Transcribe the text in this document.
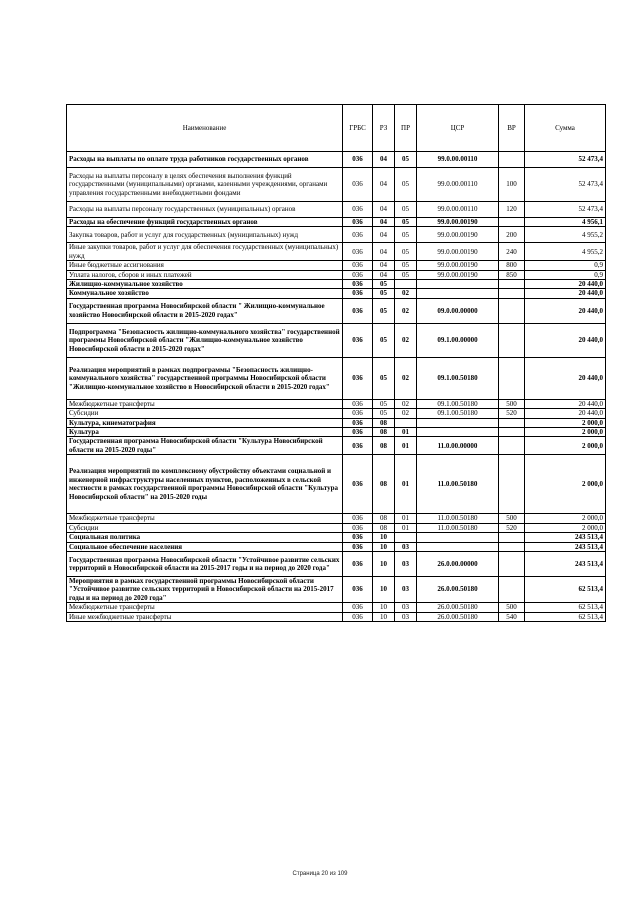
Наименование	ГРБС	РЗ	ПР	ЦСР	ВР	Сумма
Расходы на выплаты по оплате труда работников государственных органов	036	04	05	99.0.00.00110		52 473,4
Расходы на выплаты персоналу в целях обеспечения выполнения функций государственными (муниципальными) органами, казенными учреждениями, органами управления государственными внебюджетными фондами	036	04	05	99.0.00.00110	100	52 473,4
Расходы на выплаты персоналу государственных (муниципальных) органов	036	04	05	99.0.00.00110	120	52 473,4
Расходы на обеспечение функций государственных органов	036	04	05	99.0.00.00190		4 956,1
Закупка товаров, работ и услуг для государственных (муниципальных) нужд	036	04	05	99.0.00.00190	200	4 955,2
Иные закупки товаров, работ и услуг для обеспечения государственных (муниципальных) нужд	036	04	05	99.0.00.00190	240	4 955,2
Иные бюджетные ассигнования	036	04	05	99.0.00.00190	800	0,9
Уплата налогов, сборов и иных платежей	036	04	05	99.0.00.00190	850	0,9
Жилищно-коммунальное хозяйство	036	05				20 440,0
Коммунальное хозяйство	036	05	02			20 440,0
Государственная программа Новосибирской области " Жилищно-коммунальное хозяйство Новосибирской области в 2015-2020 годах"	036	05	02	09.0.00.00000		20 440,0
Подпрограмма "Безопасность жилищно-коммунального хозяйства" государственной программы Новосибирской области "Жилищно-коммунальное хозяйство Новосибирской области в 2015-2020 годах"	036	05	02	09.1.00.00000		20 440,0
Реализация мероприятий в рамках подпрограммы "Безопасность жилищно-коммунального хозяйства" государственной программы Новосибирской области "Жилищно-коммунальное хозяйство в Новосибирской области в 2015-2020 годах"	036	05	02	09.1.00.50180		20 440,0
Межбюджетные трансферты	036	05	02	09.1.00.50180	500	20 440,0
Субсидии	036	05	02	09.1.00.50180	520	20 440,0
Культура, кинематография	036	08				2 000,0
Культура	036	08	01			2 000,0
Государственная программа Новосибирской области "Культура Новосибирской области на 2015-2020 годы"	036	08	01	11.0.00.00000		2 000,0
Реализация мероприятий по комплексному обустройству объектами социальной и инженерной инфраструктуры населенных пунктов, расположенных в сельской местности в рамках государственной программы Новосибирской области "Культура Новосибирской области" на 2015-2020 годы	036	08	01	11.0.00.50180		2 000,0
Межбюджетные трансферты	036	08	01	11.0.00.50180	500	2 000,0
Субсидии	036	08	01	11.0.00.50180	520	2 000,0
Социальная политика	036	10				243 513,4
Социальное обеспечение населения	036	10	03			243 513,4
Государственная программа Новосибирской области "Устойчивое развитие сельских территорий в Новосибирской области на 2015-2017 годы и на период до 2020 года"	036	10	03	26.0.00.00000		243 513,4
Мероприятия в рамках государственной программы Новосибирской области "Устойчивое развитие сельских территорий в Новосибирской области на 2015-2017 годы и на период до 2020 года"	036	10	03	26.0.00.50180		62 513,4
Межбюджетные трансферты	036	10	03	26.0.00.50180	500	62 513,4
Иные межбюджетные трансферты	036	10	03	26.0.00.50180	540	62 513,4
Страница 20 из 109
